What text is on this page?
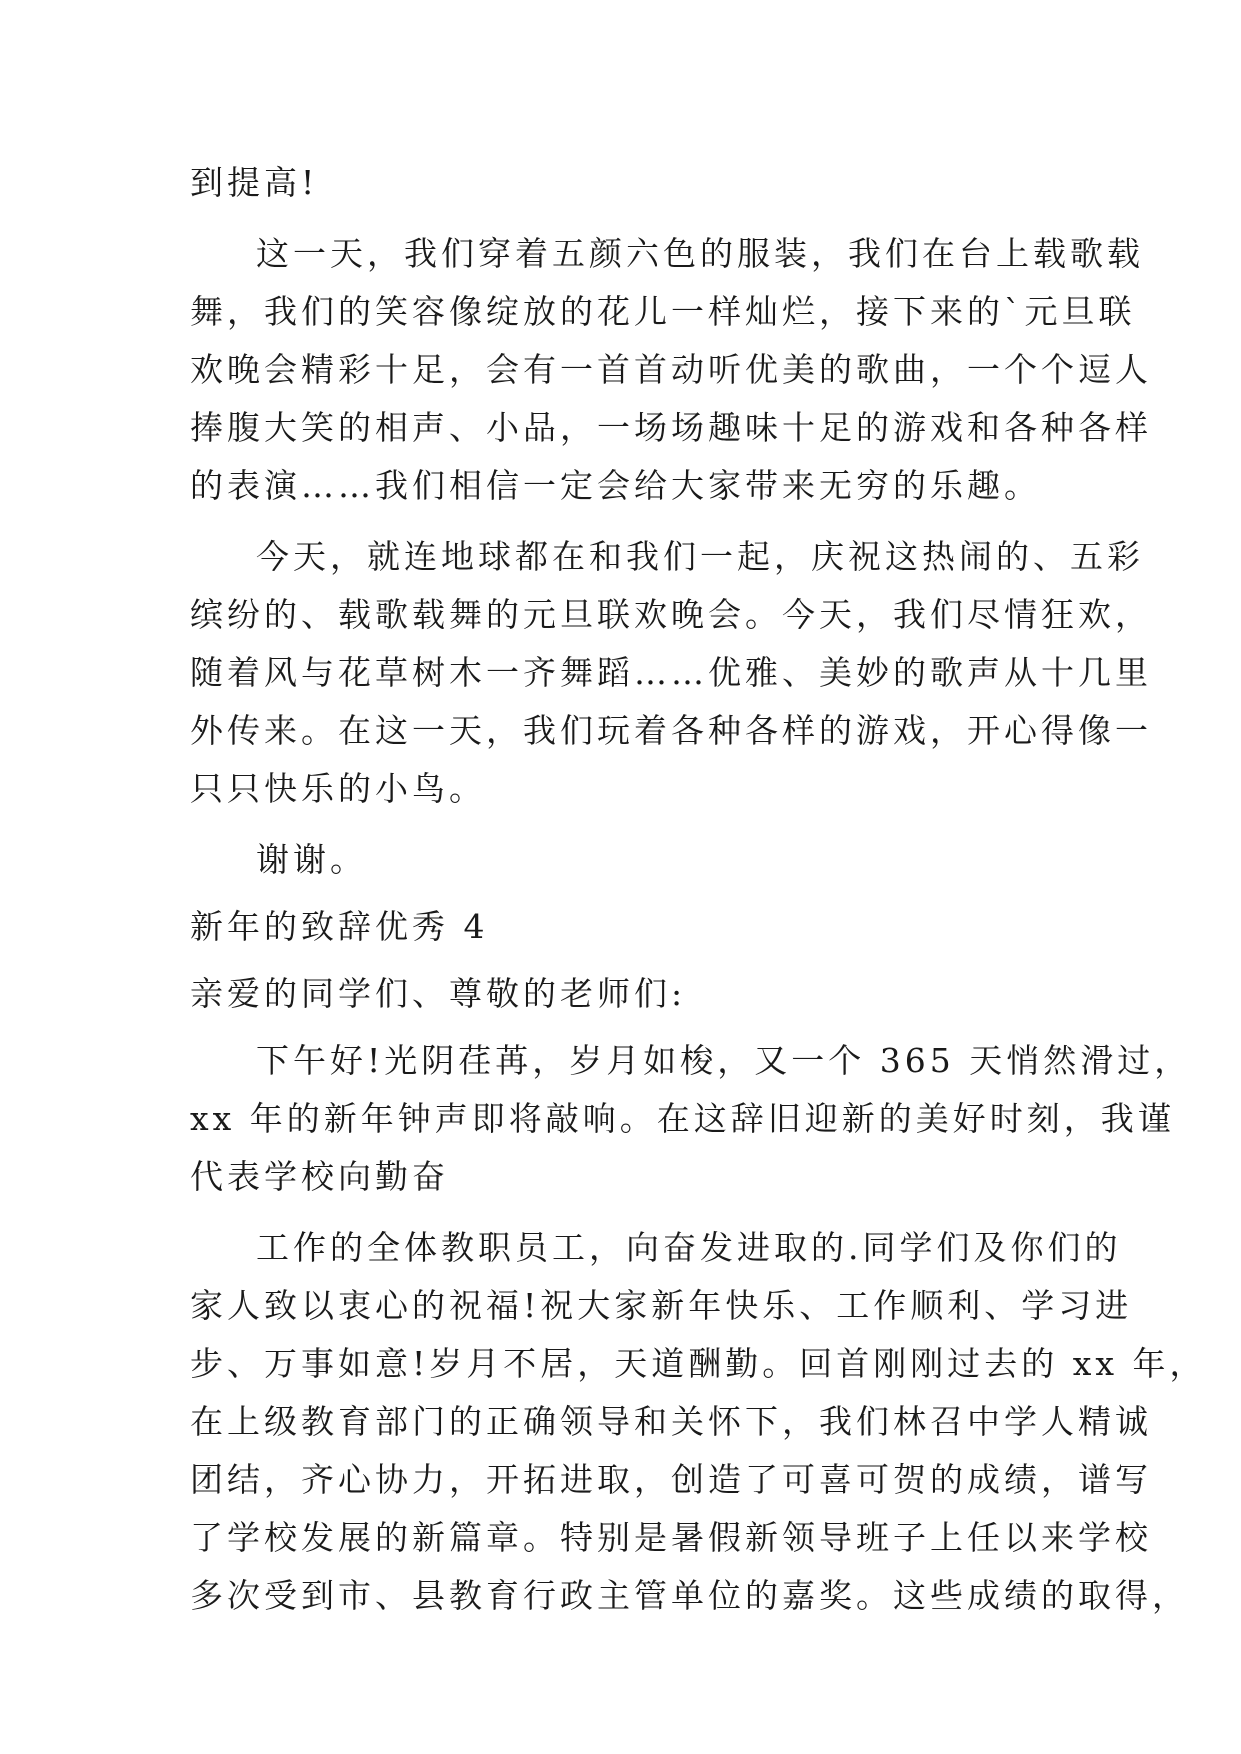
到提高!
这一天，我们穿着五颜六色的服装，我们在台上载歌载
舞，我们的笑容像绽放的花儿一样灿烂，接下来的`元旦联
欢晚会精彩十足，会有一首首动听优美的歌曲，一个个逗人
捧腹大笑的相声、小品，一场场趣味十足的游戏和各种各样
的表演……我们相信一定会给大家带来无穷的乐趣。
今天，就连地球都在和我们一起，庆祝这热闹的、五彩
缤纷的、载歌载舞的元旦联欢晚会。今天，我们尽情狂欢，
随着风与花草树木一齐舞蹈……优雅、美妙的歌声从十几里
外传来。在这一天，我们玩着各种各样的游戏，开心得像一
只只快乐的小鸟。
谢谢。
新年的致辞优秀 4
亲爱的同学们、尊敬的老师们:
下午好!光阴荏苒，岁月如梭，又一个 365 天悄然滑过，
xx 年的新年钟声即将敲响。在这辞旧迎新的美好时刻，我谨
代表学校向勤奋
工作的全体教职员工，向奋发进取的.同学们及你们的
家人致以衷心的祝福!祝大家新年快乐、工作顺利、学习进
步、万事如意!岁月不居，天道酬勤。回首刚刚过去的 xx 年，
在上级教育部门的正确领导和关怀下，我们林召中学人精诚
团结，齐心协力，开拓进取，创造了可喜可贺的成绩，谱写
了学校发展的新篇章。特别是暑假新领导班子上任以来学校
多次受到市、县教育行政主管单位的嘉奖。这些成绩的取得，
